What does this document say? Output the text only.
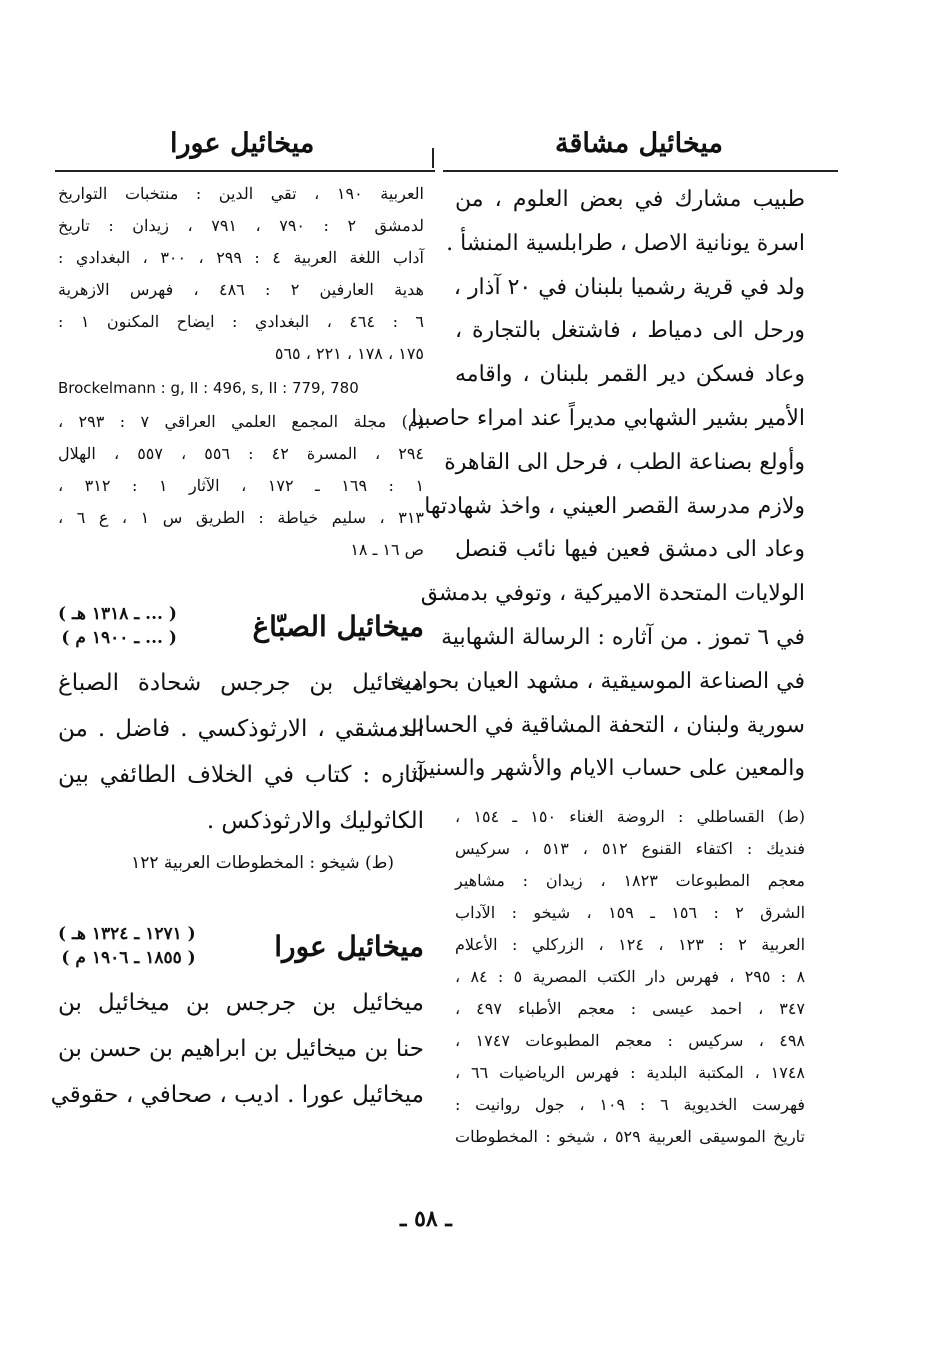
ميخائيل مشاقة
ميخائيل عورا
طبيب مشارك في بعض العلوم ، من
اسرة يونانية الاصل ، طرابلسية المنشأ .
ولد في قرية رشميا بلبنان في ٢٠ آذار ،
ورحل الى دمياط ، فاشتغل بالتجارة ،
وعاد فسكن دير القمر بلبنان ، واقامه
الأمير بشير الشهابي مديراً عند امراء حاصبيا
وأولع بصناعة الطب ، فرحل الى القاهرة
ولازم مدرسة القصر العيني ، واخذ شهادتها
وعاد الى دمشق فعين فيها نائب قنصل
الولايات المتحدة الاميركية ، وتوفي بدمشق
في ٦ تموز . من آثاره : الرسالة الشهابية
في الصناعة الموسيقية ، مشهد العيان بحوادث
سورية ولبنان ، التحفة المشاقية في الحساب ،
والمعين على حساب الايام والأشهر والسنين .
(ط) القساطلي : الروضة الغناء ١٥٠ ـ ١٥٤ ،
فنديك : اكتفاء القنوع ٥١٢ ، ٥١٣ ، سركيس
معجم المطبوعات ١٨٢٣ ، زيدان : مشاهير
الشرق ٢ : ١٥٦ ـ ١٥٩ ، شيخو : الآداب
العربية ٢ : ١٢٣ ، ١٢٤ ، الزركلي : الأعلام
٨ : ٢٩٥ ، فهرس دار الكتب المصرية ٥ : ٨٤ ،
٣٤٧ ، احمد عيسى : معجم الأطباء ٤٩٧ ،
٤٩٨ ، سركيس : معجم المطبوعات ١٧٤٧ ،
١٧٤٨ ، المكتبة البلدية : فهرس الرياضيات ٦٦ ،
فهرست الخديوية ٦ : ١٠٩ ، جول روانيت :
تاريخ الموسيقى العربية ٥٢٩ ، شيخو : المخطوطات
العربية ١٩٠ ، تقي الدين : منتخبات التواريخ
لدمشق ٢ : ٧٩٠ ، ٧٩١ ، زيدان : تاريخ
آداب اللغة العربية ٤ : ٢٩٩ ، ٣٠٠ ، البغدادي :
هدية العارفين ٢ : ٤٨٦ ، فهرس الازهرية
٦ : ٤٦٤ ، البغدادي : ايضاح المكنون ١ :
١٧٥ ، ١٧٨ ، ٢٢١ ، ٥٦٥
Brockelmann : g, II : 496, s, II : 779, 780
(م) مجلة المجمع العلمي العراقي ٧ : ٢٩٣ ،
٢٩٤ ، المسرة ٤٢ : ٥٥٦ ، ٥٥٧ ، الهلال
١ : ١٦٩ ـ ١٧٢ ، الآثار ١ : ٣١٢ ،
٣١٣ ، سليم خياطة : الطريق س ١ ، ع ٦ ،
ص ١٦ ـ ١٨
ميخائيل الصبّاغ
( ... ـ ١٣١٨ هـ )
( ... ـ ١٩٠٠ م )
ميخائيل بن جرجس شحادة الصباغ
الدمشقي ، الارثوذكسي . فاضل . من
آثاره : كتاب في الخلاف الطائفي بين
الكاثوليك والارثوذكس .
(ط) شيخو : المخطوطات العربية ١٢٢
ميخائيل عورا
( ١٢٧١ ـ ١٣٢٤ هـ )
( ١٨٥٥ ـ ١٩٠٦ م )
ميخائيل بن جرجس بن ميخائيل بن
حنا بن ميخائيل بن ابراهيم بن حسن بن
ميخائيل عورا . اديب ، صحافي ، حقوقي
ـ ٥٨ ـ
